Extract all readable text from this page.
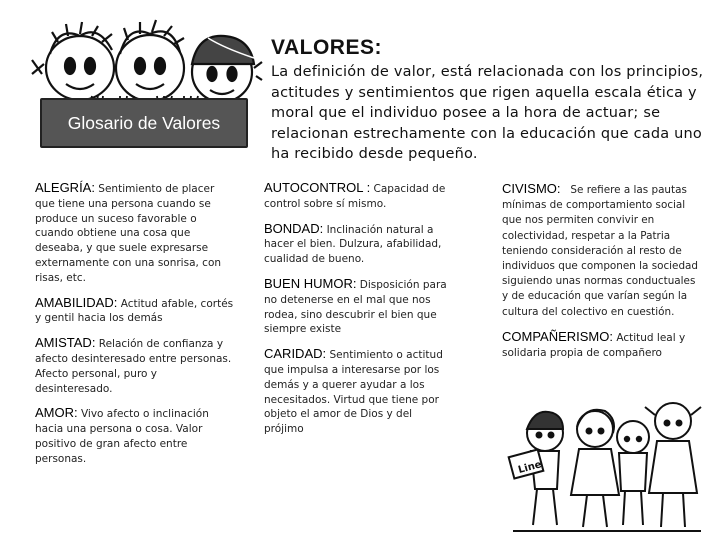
Glosario de Valores
VALORES:

La definición de valor, está relacionada con los principios, actitudes y sentimientos que rigen aquella escala ética y moral que el individuo posee a la hora de actuar; se relacionan estrechamente con la educación que cada uno ha recibido desde pequeño.

ALEGRÍA: Sentimiento de placer que tiene una persona cuando se produce un suceso favorable o cuando obtiene una cosa que deseaba, y que suele expresarse externamente con una sonrisa, con risas, etc.

AMABILIDAD: Actitud afable, cortés y gentil hacia los demás

AMISTAD: Relación de confianza y afecto desinteresado entre personas. Afecto personal, puro y desinteresado.

AMOR: Vivo afecto o inclinación hacia una persona o cosa. Valor positivo de gran afecto entre personas.

AUTOCONTROL : Capacidad de control sobre sí mismo.

BONDAD: Inclinación natural a hacer el bien. Dulzura, afabilidad, cualidad de bueno.

BUEN HUMOR: Disposición para no detenerse en el mal que nos rodea, sino descubrir el bien que siempre existe

CARIDAD: Sentimiento o actitud que impulsa a interesarse por los demás y a querer ayudar a los necesitados. Virtud que tiene por objeto el amor de Dios y del prójimo

CIVISMO:   Se refiere a las pautas mínimas de comportamiento social que nos permiten convivir en colectividad, respetar a la Patria teniendo consideración al resto de individuos que componen la sociedad siguiendo unas normas conductuales y de educación que varían según la cultura del colectivo en cuestión.

COMPAÑERISMO: Actitud leal y solidaria propia de compañero

Line
